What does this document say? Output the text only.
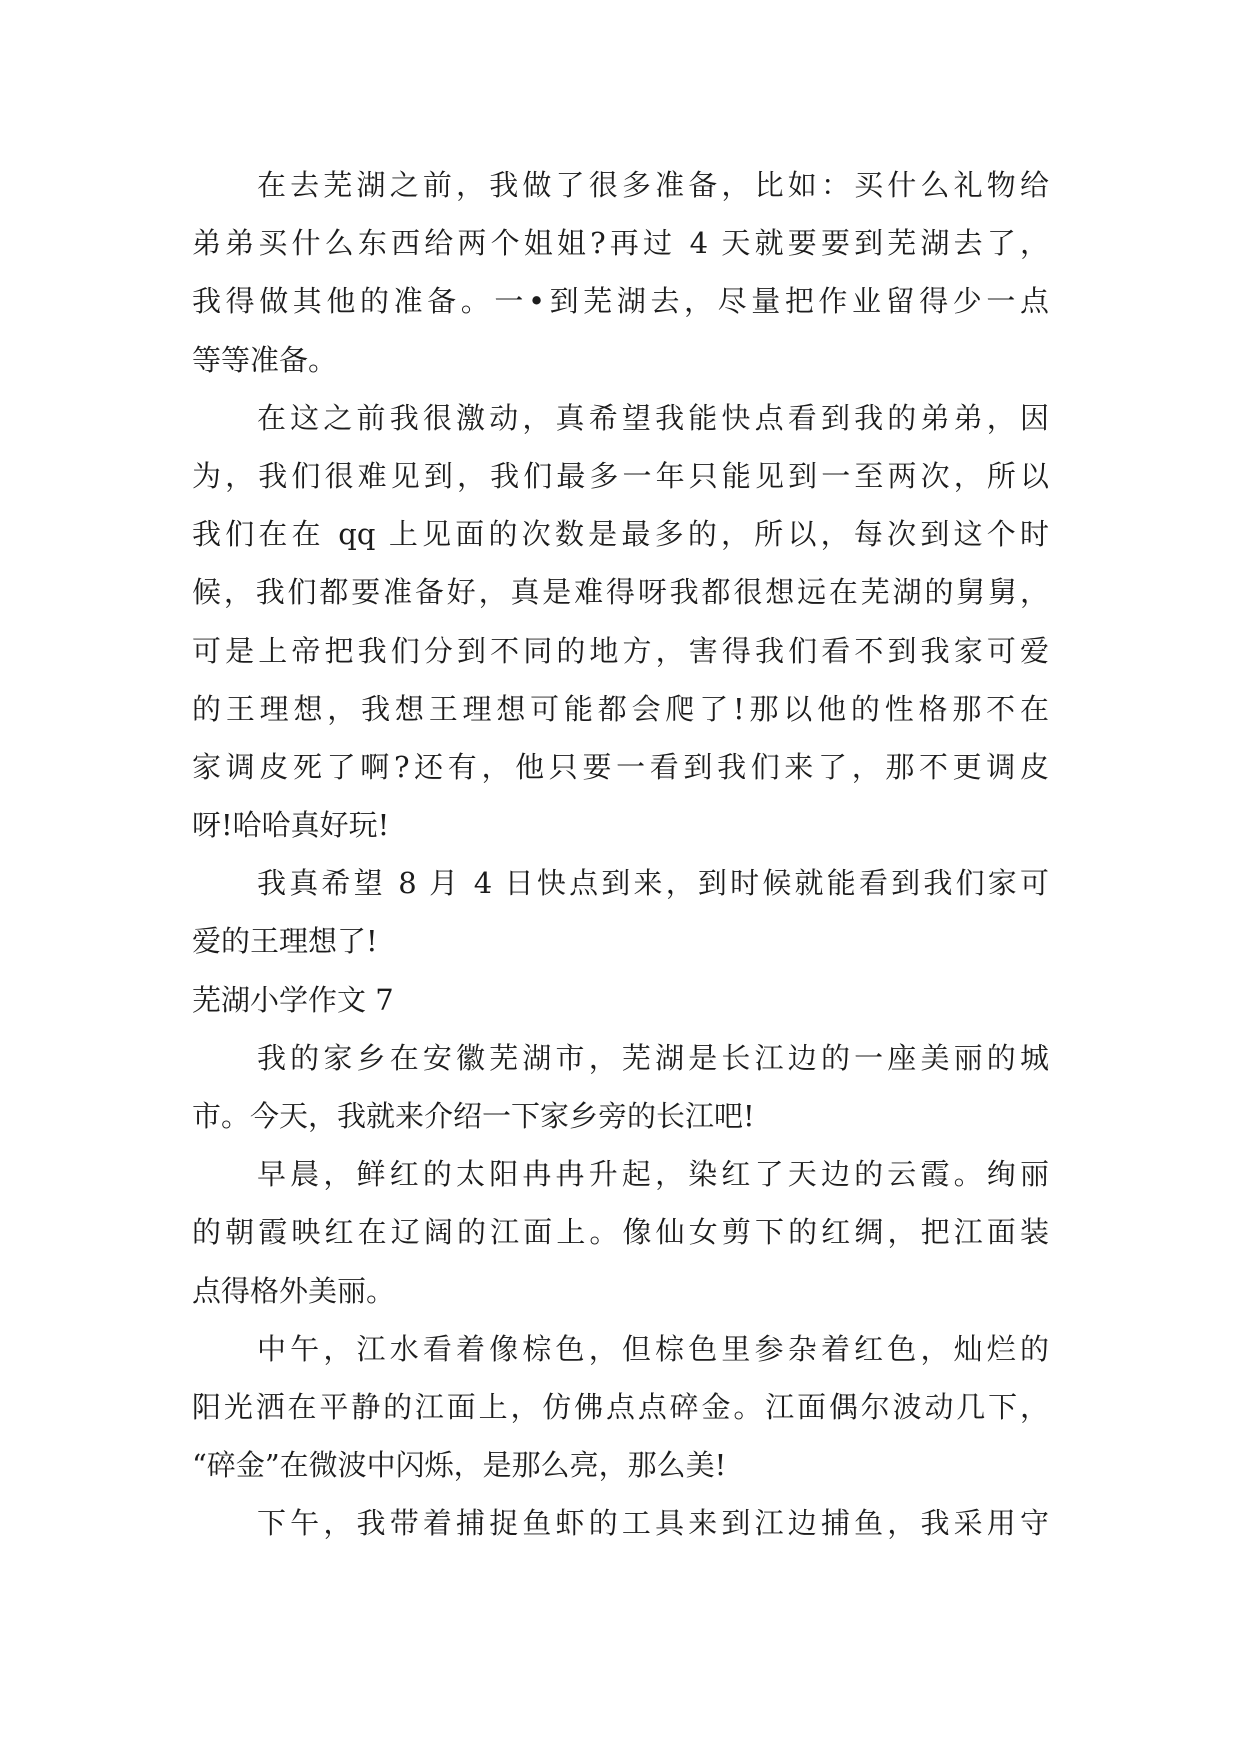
在去芜湖之前，我做了很多准备，比如：买什么礼物给
弟弟买什么东西给两个姐姐?再过 4 天就要要到芜湖去了，
我得做其他的准备。一•到芜湖去，尽量把作业留得少一点
等等准备。
在这之前我很激动，真希望我能快点看到我的弟弟，因
为，我们很难见到，我们最多一年只能见到一至两次，所以
我们在在 qq 上见面的次数是最多的，所以，每次到这个时
候，我们都要准备好，真是难得呀我都很想远在芜湖的舅舅，
可是上帝把我们分到不同的地方，害得我们看不到我家可爱
的王理想，我想王理想可能都会爬了!那以他的性格那不在
家调皮死了啊?还有，他只要一看到我们来了，那不更调皮
呀!哈哈真好玩!
我真希望 8 月 4 日快点到来，到时候就能看到我们家可
爱的王理想了!
芜湖小学作文 7
我的家乡在安徽芜湖市，芜湖是长江边的一座美丽的城
市。今天，我就来介绍一下家乡旁的长江吧!
早晨，鲜红的太阳冉冉升起，染红了天边的云霞。绚丽
的朝霞映红在辽阔的江面上。像仙女剪下的红绸，把江面装
点得格外美丽。
中午，江水看着像棕色，但棕色里参杂着红色，灿烂的
阳光洒在平静的江面上，仿佛点点碎金。江面偶尔波动几下，
“碎金”在微波中闪烁，是那么亮，那么美!
下午，我带着捕捉鱼虾的工具来到江边捕鱼，我采用守
